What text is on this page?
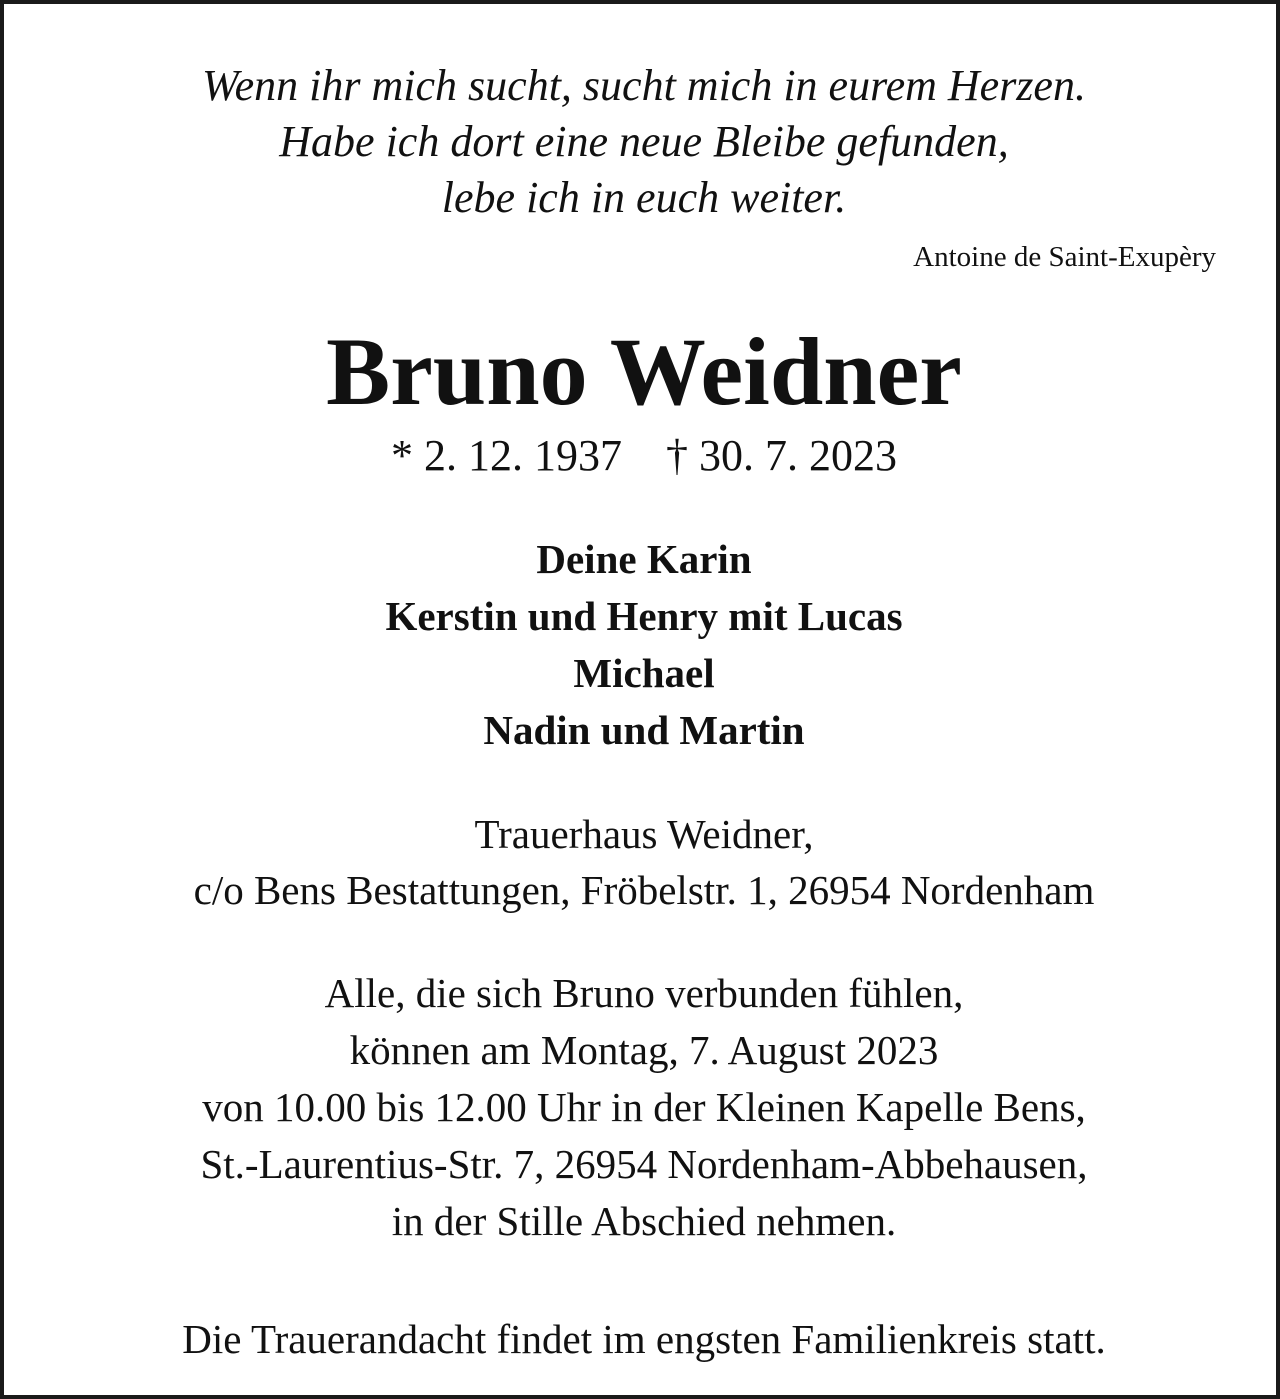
Wenn ihr mich sucht, sucht mich in eurem Herzen.
Habe ich dort eine neue Bleibe gefunden,
lebe ich in euch weiter.
Antoine de Saint-Exupèry
Bruno Weidner
* 2. 12. 1937 † 30. 7. 2023
Deine Karin
Kerstin und Henry mit Lucas
Michael
Nadin und Martin
Trauerhaus Weidner,
c/o Bens Bestattungen, Fröbelstr. 1, 26954 Nordenham
Alle, die sich Bruno verbunden fühlen,
können am Montag, 7. August 2023
von 10.00 bis 12.00 Uhr in der Kleinen Kapelle Bens,
St.-Laurentius-Str. 7, 26954 Nordenham-Abbehausen,
in der Stille Abschied nehmen.
Die Trauerandacht findet im engsten Familienkreis statt.
